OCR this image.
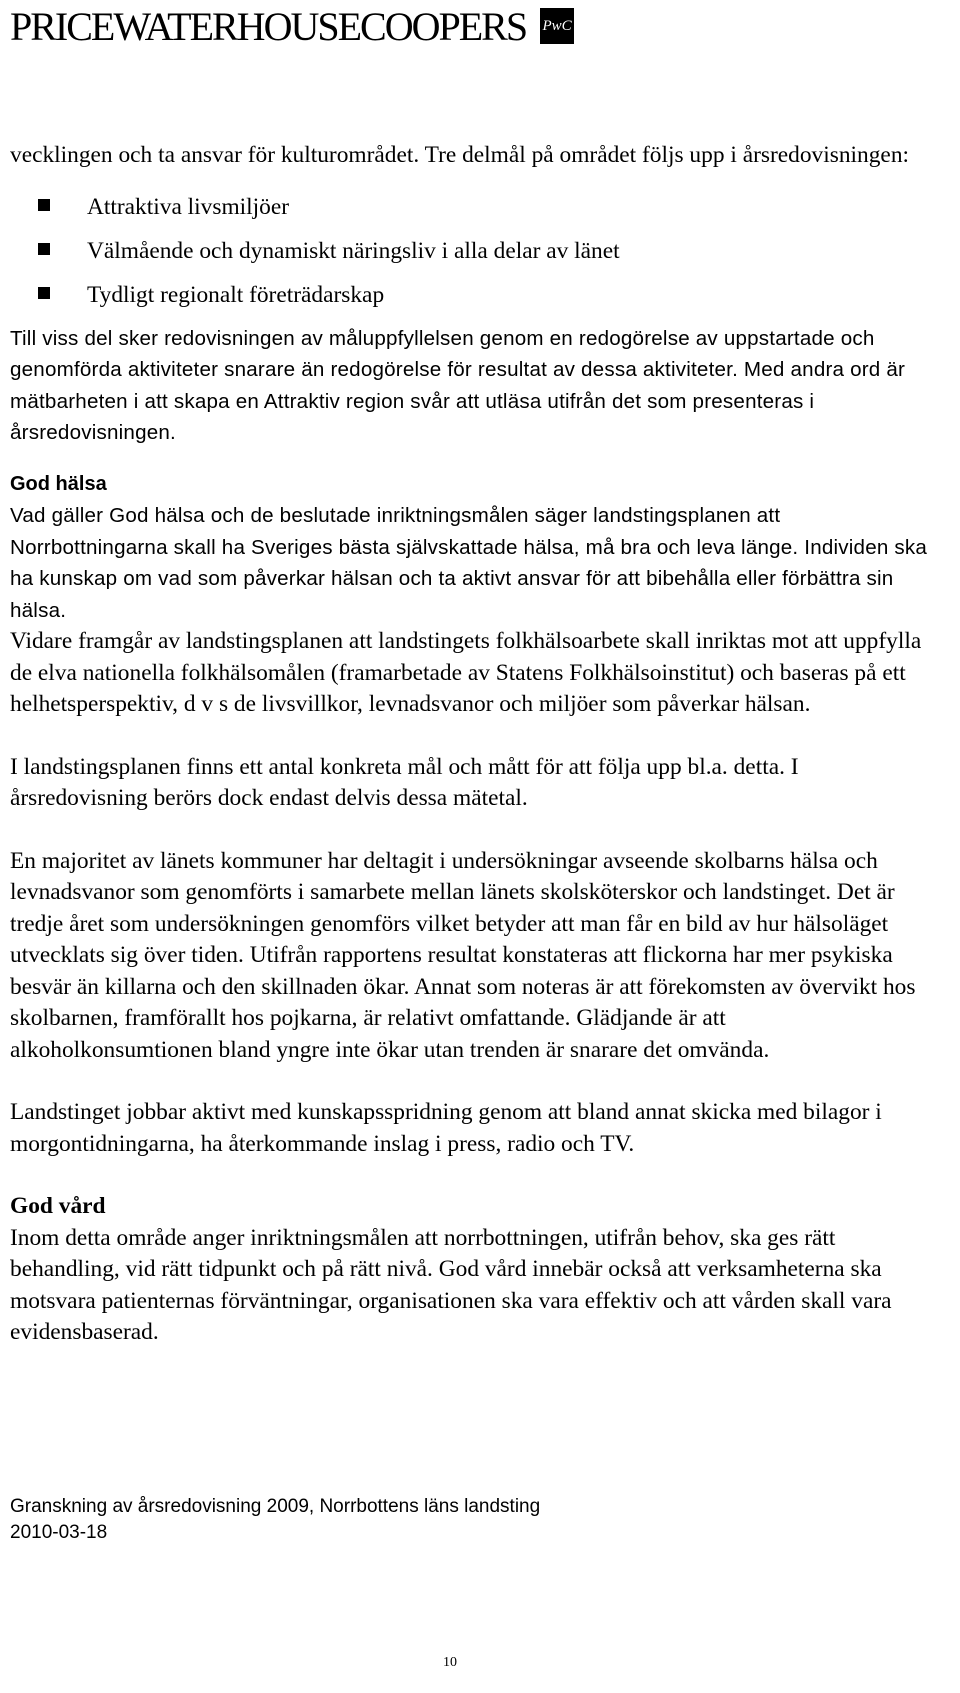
PRICEWATERHOUSECOOPERS PwC

vecklingen och ta ansvar för kulturområdet. Tre delmål på området följs upp i årsredovisningen:

Attraktiva livsmiljöer
Välmående och dynamiskt näringsliv i alla delar av länet
Tydligt regionalt företrädarskap

Till viss del sker redovisningen av måluppfyllelsen genom en redogörelse av uppstartade och genomförda aktiviteter snarare än redogörelse för resultat av dessa aktiviteter. Med andra ord är mätbarheten i att skapa en Attraktiv region svår att utläsa utifrån det som presenteras i årsredovisningen.

God hälsa

Vad gäller God hälsa och de beslutade inriktningsmålen säger landstingsplanen att Norrbottningarna skall ha Sveriges bästa självskattade hälsa, må bra och leva länge. Individen ska ha kunskap om vad som påverkar hälsan och ta aktivt ansvar för att bibehålla eller förbättra sin hälsa.

Vidare framgår av landstingsplanen att landstingets folkhälsoarbete skall inriktas mot att uppfylla de elva nationella folkhälsomålen (framarbetade av Statens Folkhälsoinstitut) och baseras på ett helhetsperspektiv, d v s de livsvillkor, levnadsvanor och miljöer som påverkar hälsan.

I landstingsplanen finns ett antal konkreta mål och mått för att följa upp bl.a. detta. I årsredovisning berörs dock endast delvis dessa mätetal.

En majoritet av länets kommuner har deltagit i undersökningar avseende skolbarns hälsa och levnadsvanor som genomförts i samarbete mellan länets skolsköterskor och landstinget. Det är tredje året som undersökningen genomförs vilket betyder att man får en bild av hur hälsoläget utvecklats sig över tiden. Utifrån rapportens resultat konstateras att flickorna har mer psykiska besvär än killarna och den skillnaden ökar. Annat som noteras är att förekomsten av övervikt hos skolbarnen, framförallt hos pojkarna, är relativt omfattande. Glädjande är att alkoholkonsumtionen bland yngre inte ökar utan trenden är snarare det omvända.

Landstinget jobbar aktivt med kunskapsspridning genom att bland annat skicka med bilagor i morgontidningarna, ha återkommande inslag i press, radio och TV.

God vård

Inom detta område anger inriktningsmålen att norrbottningen, utifrån behov, ska ges rätt behandling, vid rätt tidpunkt och på rätt nivå. God vård innebär också att verksamheterna ska motsvara patienternas förväntningar, organisationen ska vara effektiv och att vården skall vara evidensbaserad.

Granskning av årsredovisning 2009, Norrbottens läns landsting
2010-03-18
10
